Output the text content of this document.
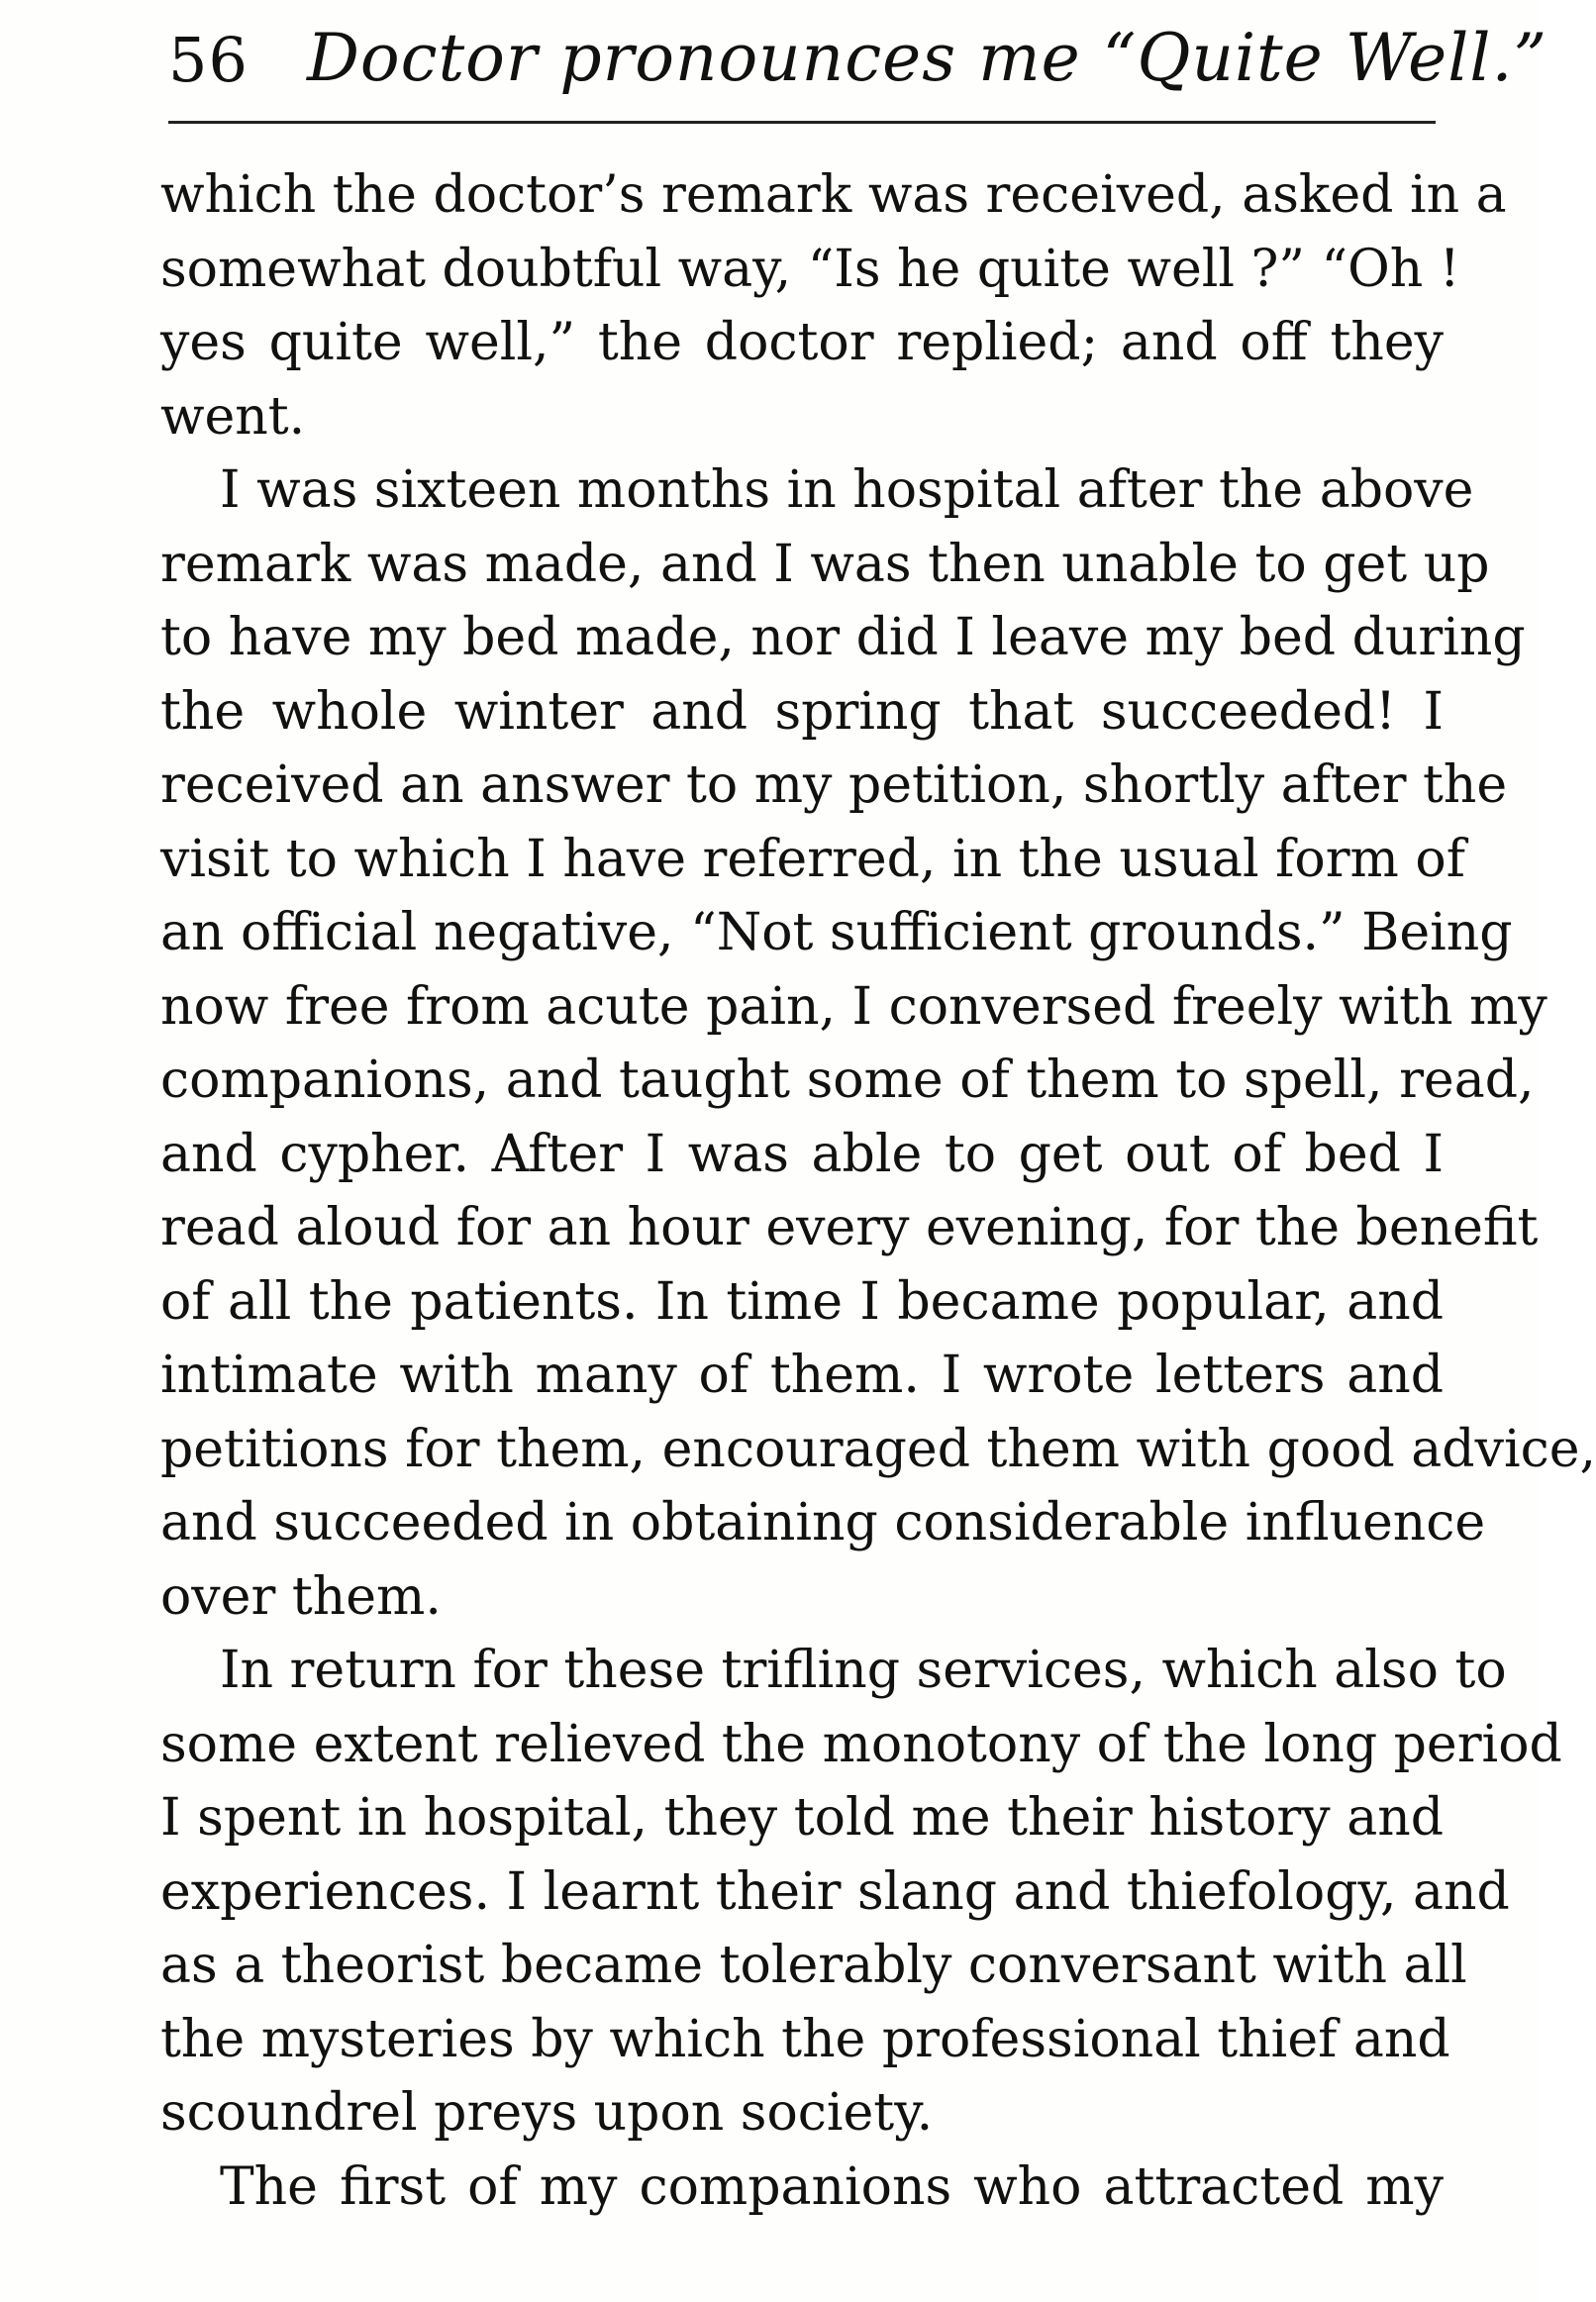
56 Doctor pronounces me “Quite Well.”
which the doctor’s remark was received, asked in a
somewhat doubtful way, “Is he quite well ?” “Oh !
yes quite well,” the doctor replied; and off they
went.
I was sixteen months in hospital after the above
remark was made, and I was then unable to get up
to have my bed made, nor did I leave my bed during
the whole winter and spring that succeeded! I
received an answer to my petition, shortly after the
visit to which I have referred, in the usual form of
an official negative, “Not sufficient grounds.” Being
now free from acute pain, I conversed freely with my
companions, and taught some of them to spell, read,
and cypher. After I was able to get out of bed I
read aloud for an hour every evening, for the benefit
of all the patients. In time I became popular, and
intimate with many of them. I wrote letters and
petitions for them, encouraged them with good advice,
and succeeded in obtaining considerable influence
over them.
In return for these trifling services, which also to
some extent relieved the monotony of the long period
I spent in hospital, they told me their history and
experiences. I learnt their slang and thiefology, and
as a theorist became tolerably conversant with all
the mysteries by which the professional thief and
scoundrel preys upon society.
The first of my companions who attracted my
